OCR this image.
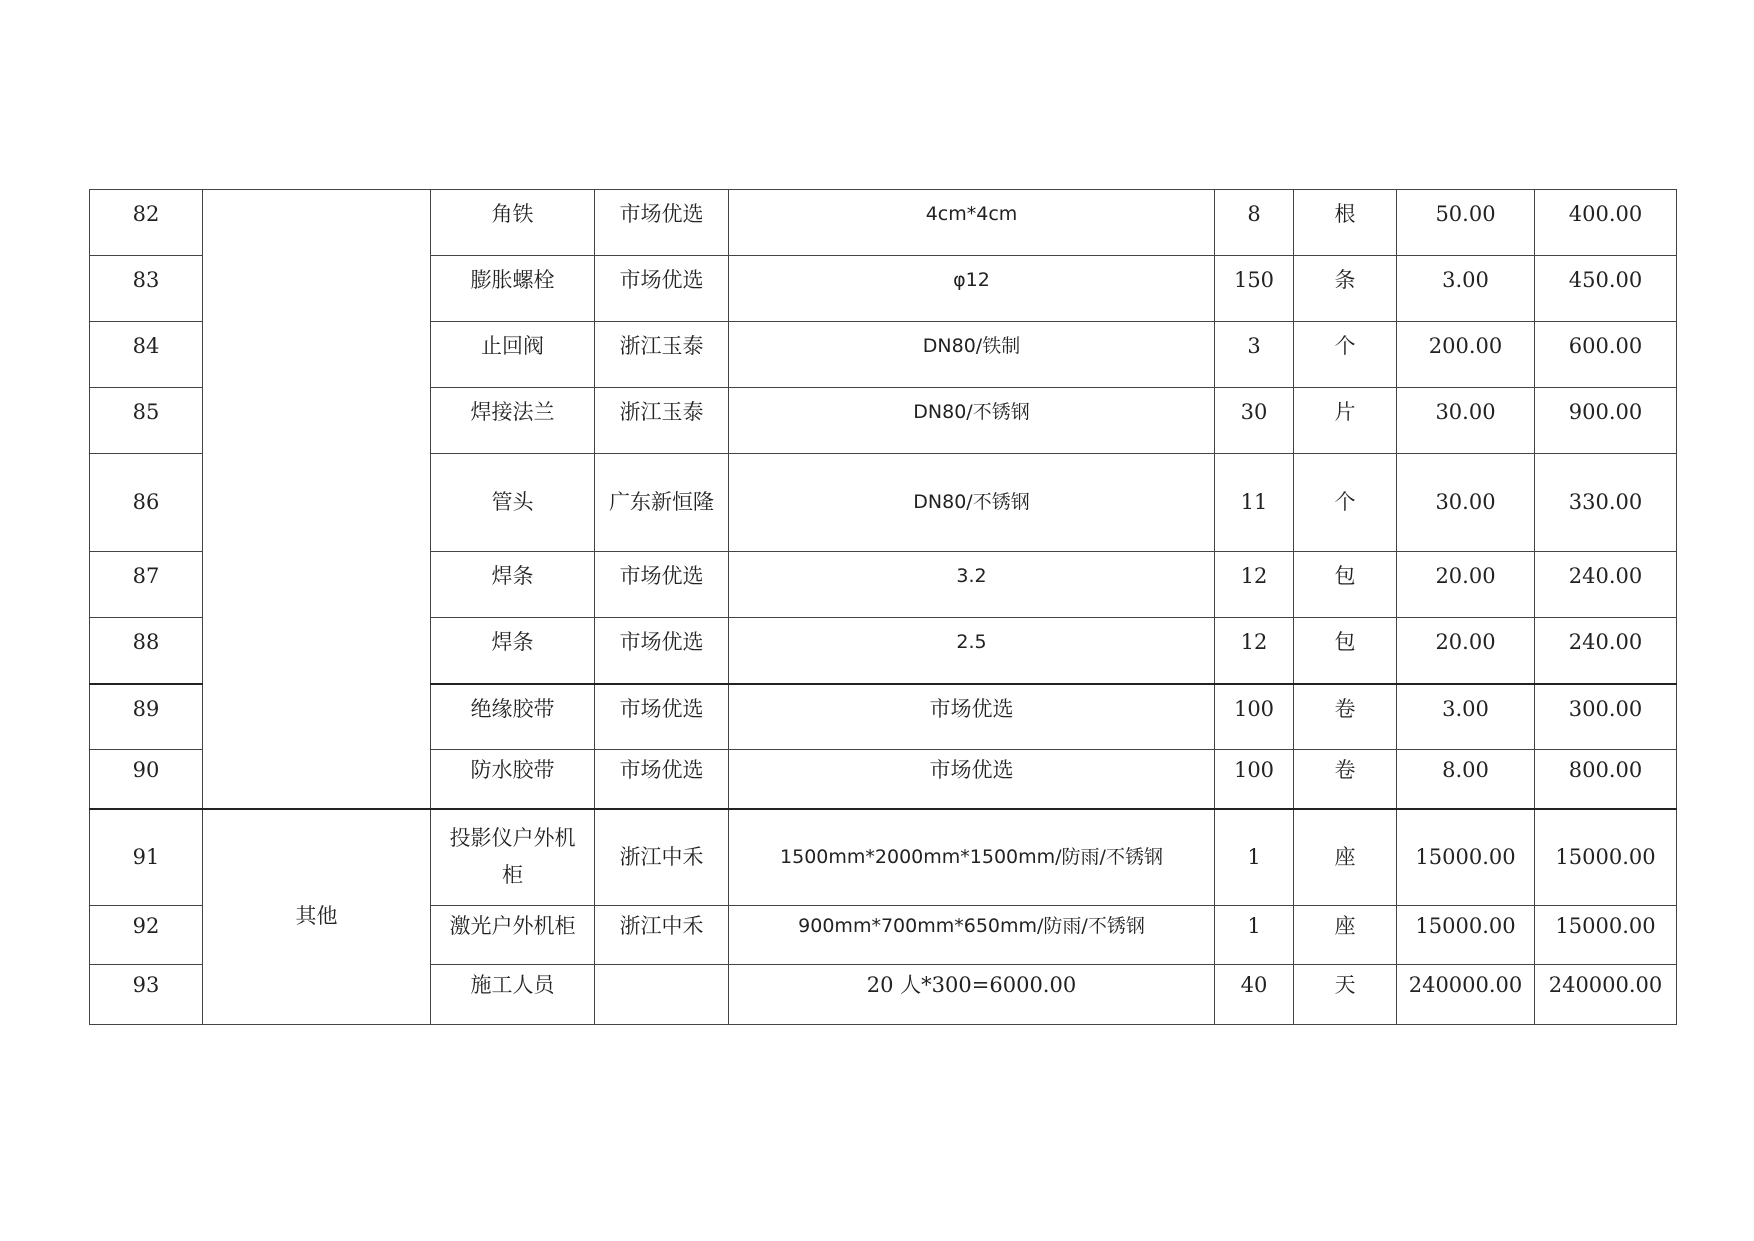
82		角铁	市场优选	4cm*4cm	8	根	50.00	400.00

83		膨胀螺栓	市场优选	φ12	150	条	3.00	450.00

84		止回阀	浙江玉泰	DN80/铁制	3	个	200.00	600.00

85		焊接法兰	浙江玉泰	DN80/不锈钢	30	片	30.00	900.00

86		管头	广东新恒隆	DN80/不锈钢	11	个	30.00	330.00

87		焊条	市场优选	3.2	12	包	20.00	240.00

88		焊条	市场优选	2.5	12	包	20.00	240.00

89		绝缘胶带	市场优选	市场优选	100	卷	3.00	300.00

90		防水胶带	市场优选	市场优选	100	卷	8.00	800.00

91	其他	投影仪户外机柜	浙江中禾	1500mm*2000mm*1500mm/防雨/不锈钢	1	座	15000.00	15000.00

92		激光户外机柜	浙江中禾	900mm*700mm*650mm/防雨/不锈钢	1	座	15000.00	15000.00

93		施工人员		20 人*300=6000.00	40	天	240000.00	240000.00
